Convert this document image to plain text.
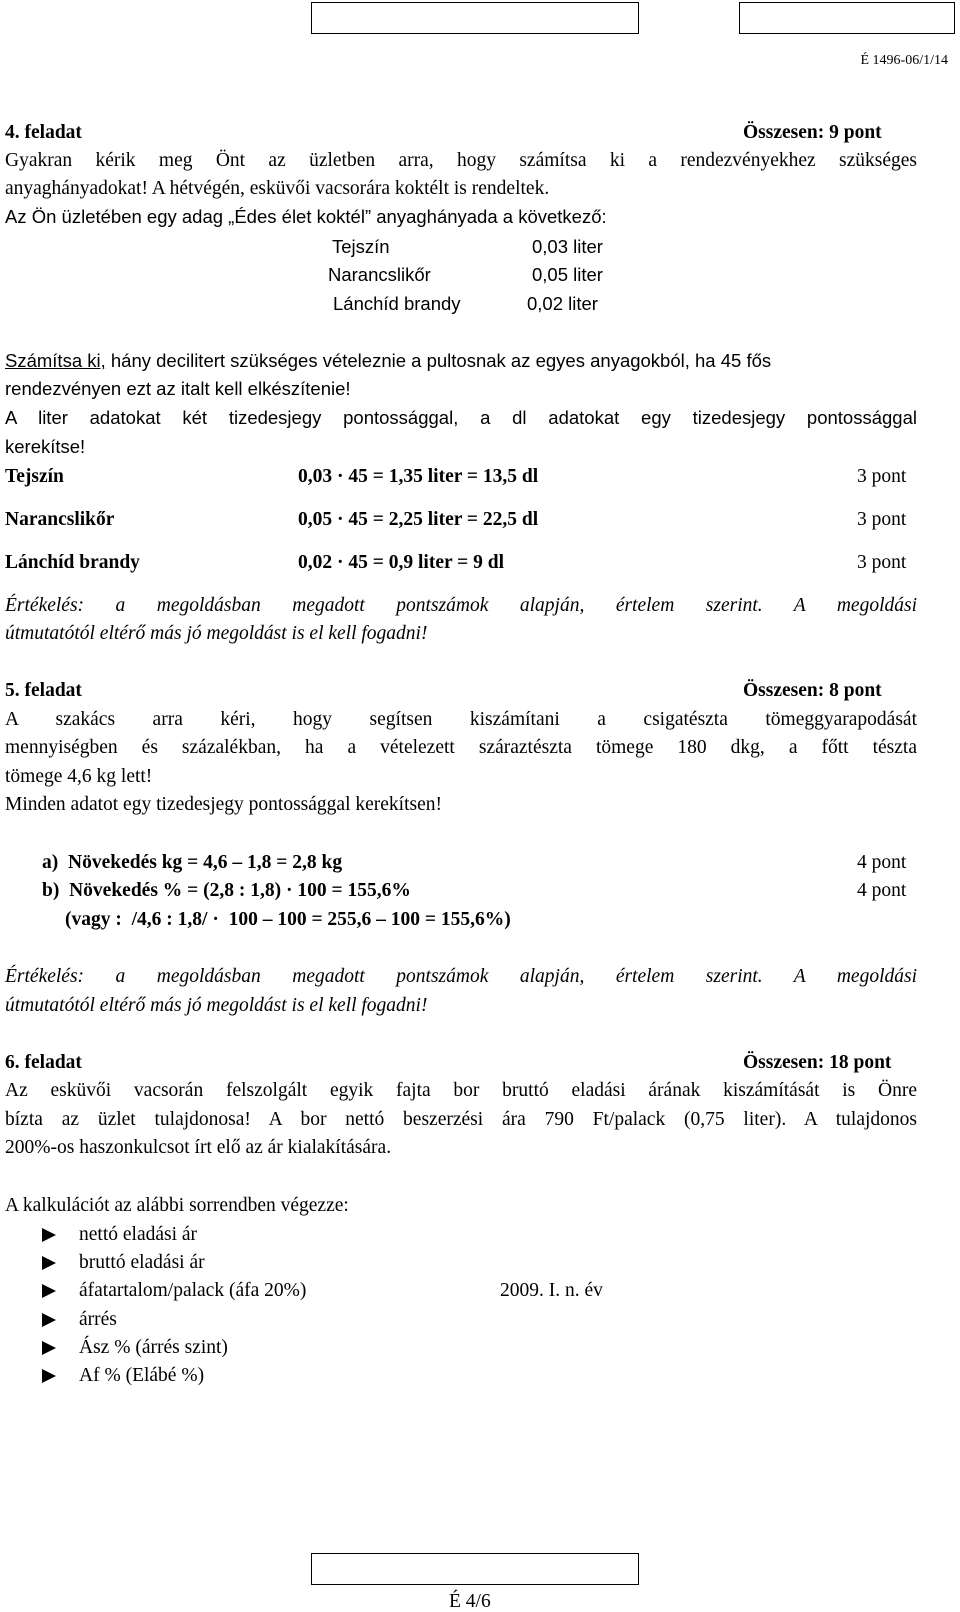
É 1496-06/1/14
4. feladat	Összesen: 9 pont
Gyakran kérik meg Önt az üzletben arra, hogy számítsa ki a rendezvényekhez szükséges
anyaghányadokat! A hétvégén, esküvői vacsorára koktélt is rendeltek.
Az Ön üzletében egy adag „Édes élet koktél” anyaghányada a következő:
Tejszín	0,03 liter
Narancslikőr	0,05 liter
Lánchíd brandy	0,02 liter
Számítsa ki, hány decilitert szükséges vételeznie a pultosnak az egyes anyagokból, ha 45 fős
rendezvényen ezt az italt kell elkészítenie!
A liter adatokat két tizedesjegy pontossággal, a dl adatokat egy tizedesjegy pontossággal
kerekítse!
Tejszín	0,03 · 45 = 1,35 liter = 13,5 dl	3 pont
Narancslikőr	0,05 · 45 = 2,25 liter = 22,5 dl	3 pont
Lánchíd brandy	0,02 · 45 = 0,9 liter = 9 dl	3 pont
Értékelés: a megoldásban megadott pontszámok alapján, értelem szerint. A megoldási
útmutatótól eltérő más jó megoldást is el kell fogadni!
5. feladat	Összesen: 8 pont
A szakács arra kéri, hogy segítsen kiszámítani a csigatészta tömeggyarapodását
mennyiségben és százalékban, ha a vételezett száraztészta tömege 180 dkg, a főtt tészta
tömege 4,6 kg lett!
Minden adatot egy tizedesjegy pontossággal kerekítsen!
a)  Növekedés kg = 4,6 – 1,8 = 2,8 kg	4 pont
b)  Növekedés % = (2,8 : 1,8) · 100 = 155,6%	4 pont
(vagy :  /4,6 : 1,8/ ·  100 – 100 = 255,6 – 100 = 155,6%)
Értékelés: a megoldásban megadott pontszámok alapján, értelem szerint. A megoldási
útmutatótól eltérő más jó megoldást is el kell fogadni!
6. feladat	Összesen: 18 pont
Az esküvői vacsorán felszolgált egyik fajta bor bruttó eladási árának kiszámítását is Önre
bízta az üzlet tulajdonosa! A bor nettó beszerzési ára 790 Ft/palack (0,75 liter). A tulajdonos
200%-os haszonkulcsot írt elő az ár kialakítására.
A kalkulációt az alábbi sorrendben végezze:
nettó eladási ár
bruttó eladási ár
áfatartalom/palack (áfa 20%)	2009. I. n. év
árrés
Ász % (árrés szint)
Af % (Elábé %)
É 4/6
